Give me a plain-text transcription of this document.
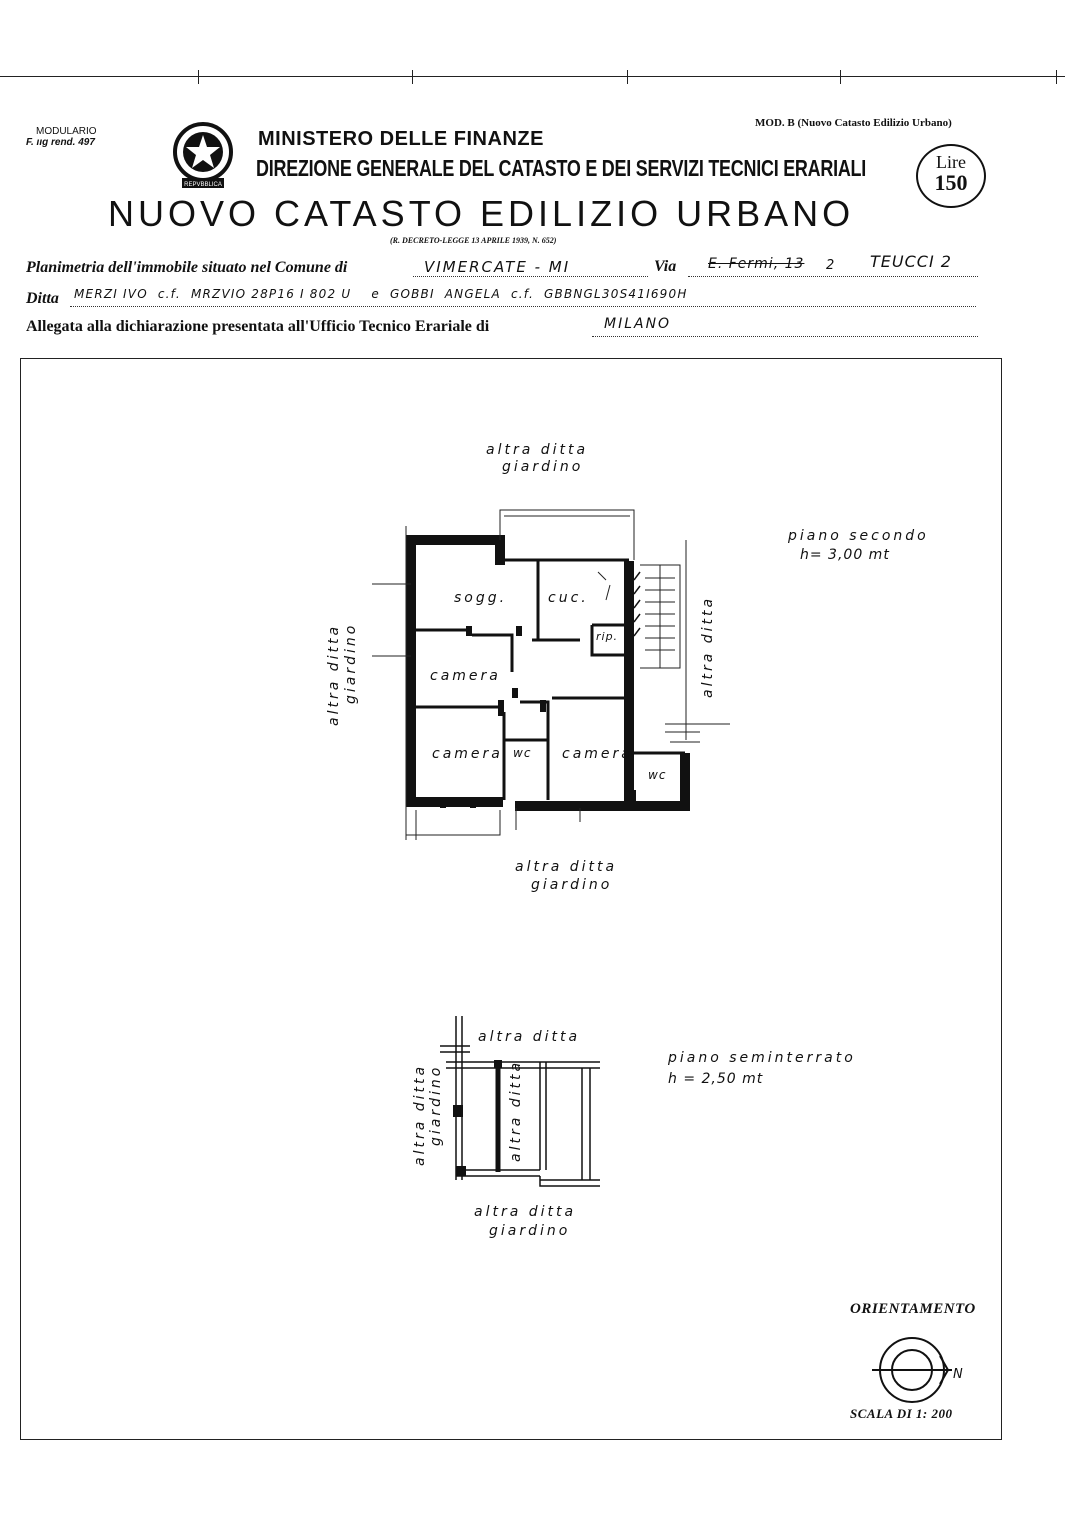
MODULARIO
F. ııg rend. 497
REPVBBLICA
MINISTERO DELLE FINANZE
DIREZIONE GENERALE DEL CATASTO E DEI SERVIZI TECNICI ERARIALI
NUOVO CATASTO EDILIZIO URBANO
(R. DECRETO-LEGGE 13 APRILE 1939, N. 652)
MOD. B (Nuovo Catasto Edilizio Urbano)
Lire
150
Planimetria dell'immobile situato nel Comune di	VIMERCATE - MI	Via E. Fermi, 13 2 TEUCCI 2
Ditta MERZI IVO  c.f.  MRZVIO 28P16 I 802 U    e  GOBBI  ANGELA  c.f.  GBBNGL30S41I690H
Allegata alla dichiarazione presentata all'Ufficio Tecnico Erariale di	MILANO
altra ditta
giardino
piano secondo
h= 3,00 mt
altra ditta giardino	altra ditta
altra ditta
giardino
sogg.	cuc.
rip.
camera
camera	camera
wc
wc
altra ditta
piano seminterrato
h = 2,50 mt
altra ditta giardino	altra ditta
altra ditta
giardino
ORIENTAMENTO
N
SCALA DI 1: 200
